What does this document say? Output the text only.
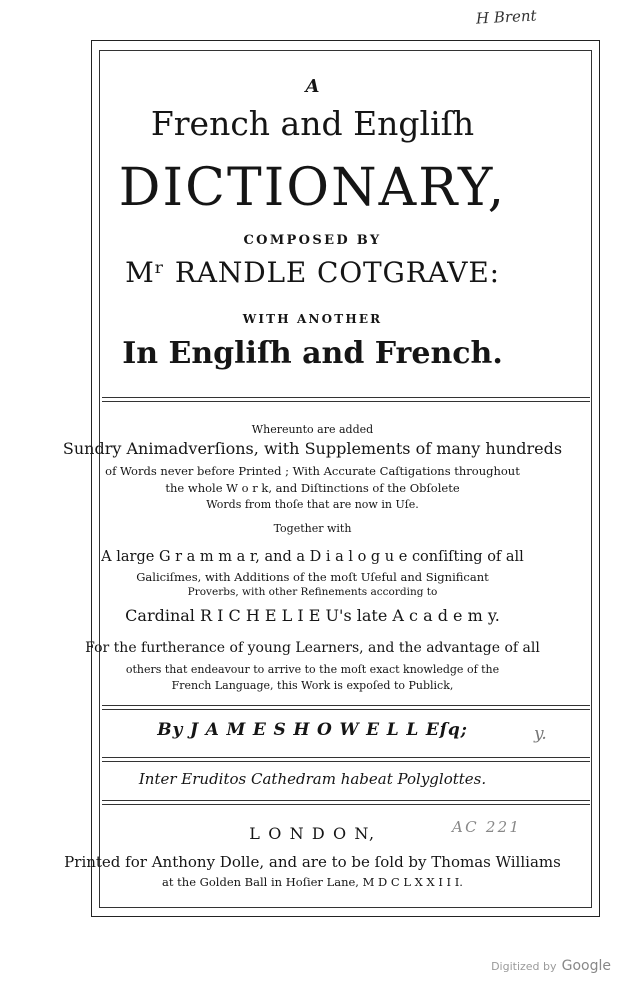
H Brent

A

French and Engliſh

DICTIONARY,

COMPOSED BY

Mʳ RANDLE COTGRAVE:

WITH ANOTHER

In Engliſh and French.

Whereunto are added

Sundry Animadverſions, with Supplements of many hundreds

of Words never before Printed ; With Accurate Caſtigations throughout

the whole W o r k, and Diſtinctions of the Obſolete

Words from thoſe that are now in Uſe.

Together with

A large G r a m m a r, and a D i a l o g u e conſiſting of all

Galiciſmes, with Additions of the moſt Uſeful and Significant

Proverbs, with other Refinements according to

Cardinal R I C H E L I E U's late A c a d e m y.

For the furtherance of young Learners, and the advantage of all

others that endeavour to arrive to the moſt exact knowledge of the

French Language, this Work is expoſed to Publick,

By J A M E S H O W E L L Eſq;	y.

Inter Eruditos Cathedram habeat Polyglottes.

L O N D O N,	AC 221

Printed for Anthony Dolle, and are to be ſold by Thomas Williams

at the Golden Ball in Hoſier Lane, M D C L X X I I I.

Digitized by Google
